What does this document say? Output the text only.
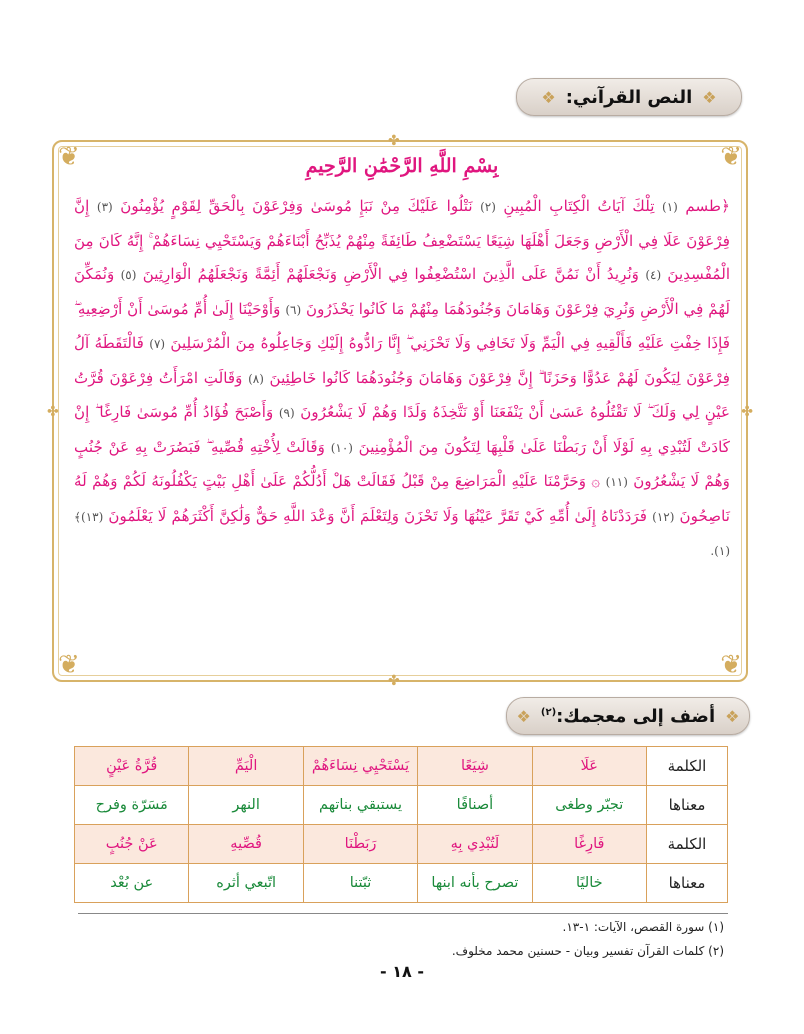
❖
النص القرآني:
❖
❦	❦
❦	❦
✤
✤
✤	✤
بِسْمِ اللَّهِ الرَّحْمَٰنِ الرَّحِيمِ

﴿طسم (١) تِلْكَ آيَاتُ الْكِتَابِ الْمُبِينِ (٢) نَتْلُوا عَلَيْكَ مِنْ نَبَإِ مُوسَىٰ وَفِرْعَوْنَ بِالْحَقِّ لِقَوْمٍ يُؤْمِنُونَ (٣) إِنَّ فِرْعَوْنَ عَلَا فِي الْأَرْضِ وَجَعَلَ أَهْلَهَا شِيَعًا يَسْتَضْعِفُ طَائِفَةً مِنْهُمْ يُذَبِّحُ أَبْنَاءَهُمْ وَيَسْتَحْيِي نِسَاءَهُمْ ۚ إِنَّهُ كَانَ مِنَ الْمُفْسِدِينَ (٤) وَنُرِيدُ أَنْ نَمُنَّ عَلَى الَّذِينَ اسْتُضْعِفُوا فِي الْأَرْضِ وَنَجْعَلَهُمْ أَئِمَّةً وَنَجْعَلَهُمُ الْوَارِثِينَ (٥) وَنُمَكِّنَ لَهُمْ فِي الْأَرْضِ وَنُرِيَ فِرْعَوْنَ وَهَامَانَ وَجُنُودَهُمَا مِنْهُمْ مَا كَانُوا يَحْذَرُونَ (٦) وَأَوْحَيْنَا إِلَىٰ أُمِّ مُوسَىٰ أَنْ أَرْضِعِيهِ ۖ فَإِذَا خِفْتِ عَلَيْهِ فَأَلْقِيهِ فِي الْيَمِّ وَلَا تَخَافِي وَلَا تَحْزَنِي ۖ إِنَّا رَادُّوهُ إِلَيْكِ وَجَاعِلُوهُ مِنَ الْمُرْسَلِينَ (٧) فَالْتَقَطَهُ آلُ فِرْعَوْنَ لِيَكُونَ لَهُمْ عَدُوًّا وَحَزَنًا ۗ إِنَّ فِرْعَوْنَ وَهَامَانَ وَجُنُودَهُمَا كَانُوا خَاطِئِينَ (٨) وَقَالَتِ امْرَأَتُ فِرْعَوْنَ قُرَّتُ عَيْنٍ لِي وَلَكَ ۖ لَا تَقْتُلُوهُ عَسَىٰ أَنْ يَنْفَعَنَا أَوْ نَتَّخِذَهُ وَلَدًا وَهُمْ لَا يَشْعُرُونَ (٩) وَأَصْبَحَ فُؤَادُ أُمِّ مُوسَىٰ فَارِغًا ۖ إِنْ كَادَتْ لَتُبْدِي بِهِ لَوْلَا أَنْ رَبَطْنَا عَلَىٰ قَلْبِهَا لِتَكُونَ مِنَ الْمُؤْمِنِينَ (١٠) وَقَالَتْ لِأُخْتِهِ قُصِّيهِ ۖ فَبَصُرَتْ بِهِ عَنْ جُنُبٍ وَهُمْ لَا يَشْعُرُونَ (١١) ۞ وَحَرَّمْنَا عَلَيْهِ الْمَرَاضِعَ مِنْ قَبْلُ فَقَالَتْ هَلْ أَدُلُّكُمْ عَلَىٰ أَهْلِ بَيْتٍ يَكْفُلُونَهُ لَكُمْ وَهُمْ لَهُ نَاصِحُونَ (١٢) فَرَدَدْنَاهُ إِلَىٰ أُمِّهِ كَيْ تَقَرَّ عَيْنُهَا وَلَا تَحْزَنَ وَلِتَعْلَمَ أَنَّ وَعْدَ اللَّهِ حَقٌّ وَلَٰكِنَّ أَكْثَرَهُمْ لَا يَعْلَمُونَ (١٣)﴾ (١).

❖
أضف إلى معجمك:$^{(٢)}$
❖
الكلمة	عَلَا	شِيَعًا	يَسْتَحْيِي نِسَاءَهُمْ	الْيَمِّ	قُرَّةُ عَيْنٍ
معناها	تجبّر وطغى	أصنافًا	يستبقي بناتهم	النهر	مَسَرّة وفرح
الكلمة	فَارِغًا	لَتُبْدِي بِهِ	رَبَطْنَا	قُصِّيهِ	عَنْ جُنُبٍ
معناها	خاليًا	تصرح بأنه ابنها	ثبّتنا	اتّبعي أثره	عن بُعْد
(١) سورة القصص، الآيات: ١-١٣.
(٢) كلمات القرآن تفسير وبيان - حسنين محمد مخلوف.
- ١٨ -
